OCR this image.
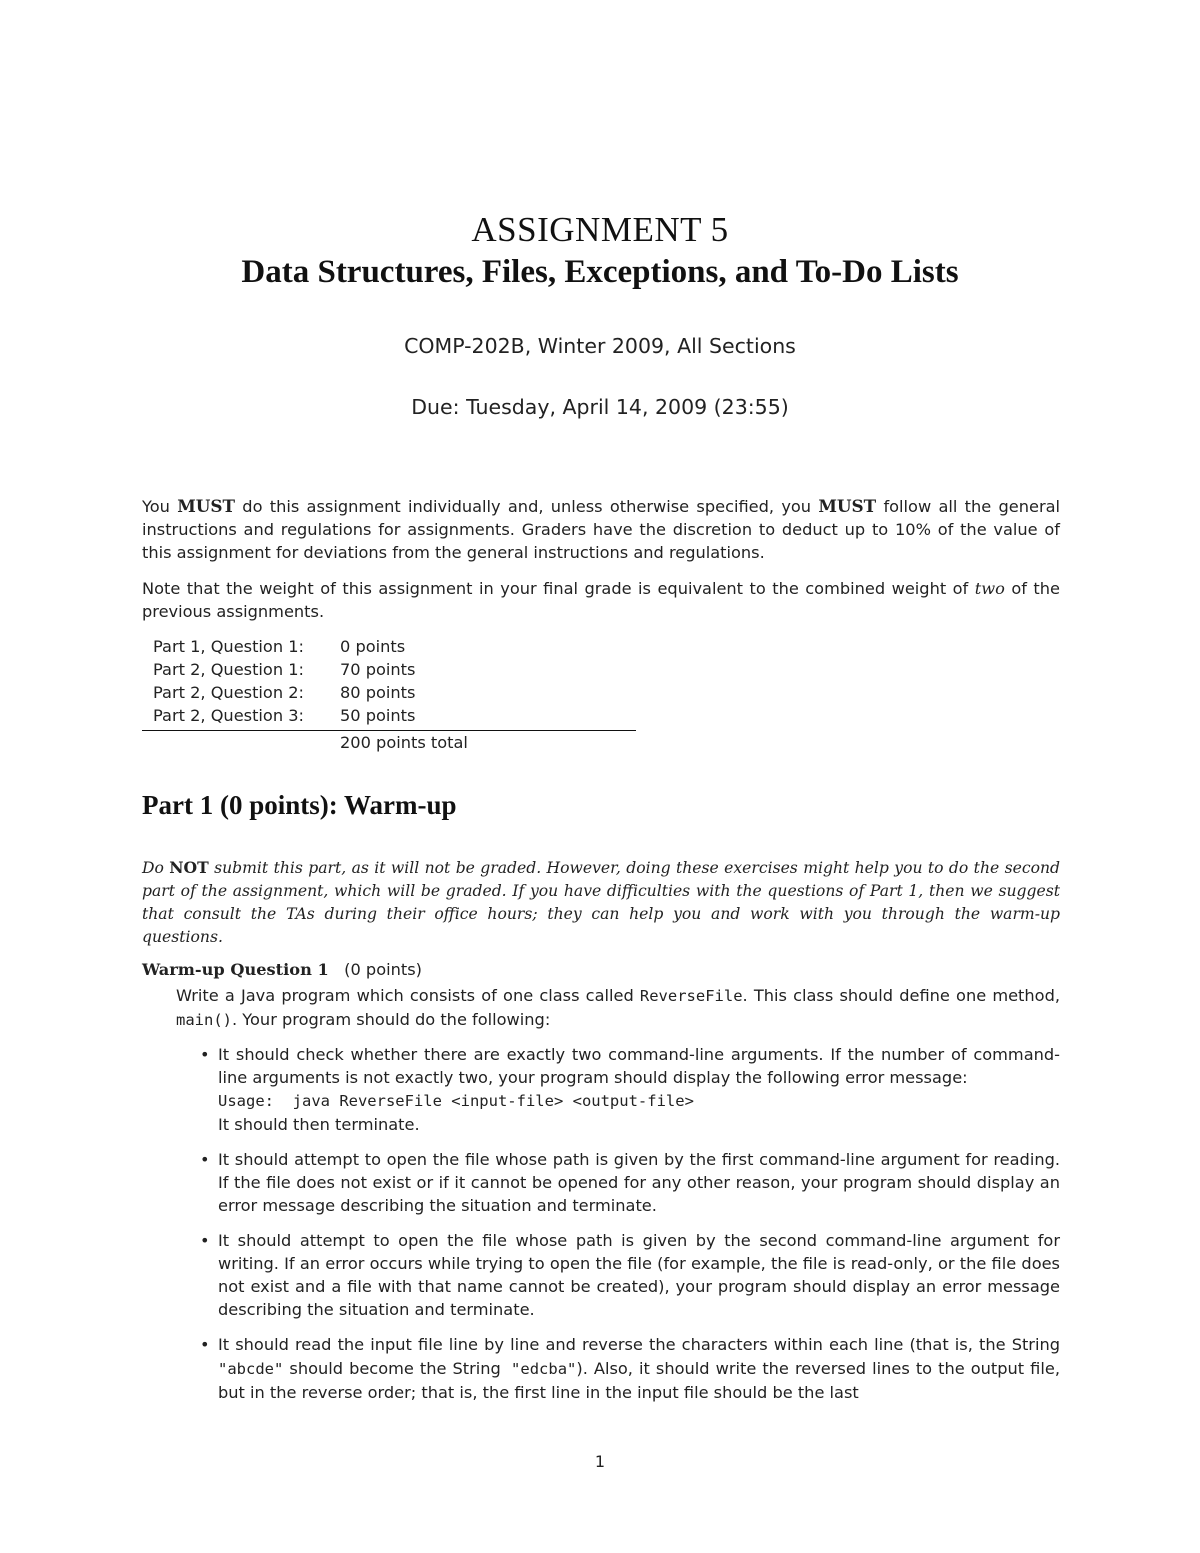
ASSIGNMENT 5
Data Structures, Files, Exceptions, and To-Do Lists
COMP-202B, Winter 2009, All Sections
Due: Tuesday, April 14, 2009 (23:55)
You MUST do this assignment individually and, unless otherwise specified, you MUST follow all the general instructions and regulations for assignments. Graders have the discretion to deduct up to 10% of the value of this assignment for deviations from the general instructions and regulations.
Note that the weight of this assignment in your final grade is equivalent to the combined weight of two of the previous assignments.
Part 1, Question 1: 0 points
Part 2, Question 1: 70 points
Part 2, Question 2: 80 points
Part 2, Question 3: 50 points
200 points total
Part 1 (0 points): Warm-up
Do NOT submit this part, as it will not be graded. However, doing these exercises might help you to do the second part of the assignment, which will be graded. If you have difficulties with the questions of Part 1, then we suggest that consult the TAs during their office hours; they can help you and work with you through the warm-up questions.
Warm-up Question 1 (0 points)
Write a Java program which consists of one class called ReverseFile. This class should define one method, main(). Your program should do the following:
• It should check whether there are exactly two command-line arguments. If the number of command-line arguments is not exactly two, your program should display the following error message:
Usage:  java ReverseFile <input-file> <output-file>
It should then terminate.
• It should attempt to open the file whose path is given by the first command-line argument for reading. If the file does not exist or if it cannot be opened for any other reason, your program should display an error message describing the situation and terminate.
• It should attempt to open the file whose path is given by the second command-line argument for writing. If an error occurs while trying to open the file (for example, the file is read-only, or the file does not exist and a file with that name cannot be created), your program should display an error message describing the situation and terminate.
• It should read the input file line by line and reverse the characters within each line (that is, the String "abcde" should become the String "edcba"). Also, it should write the reversed lines to the output file, but in the reverse order; that is, the first line in the input file should be the last
1
